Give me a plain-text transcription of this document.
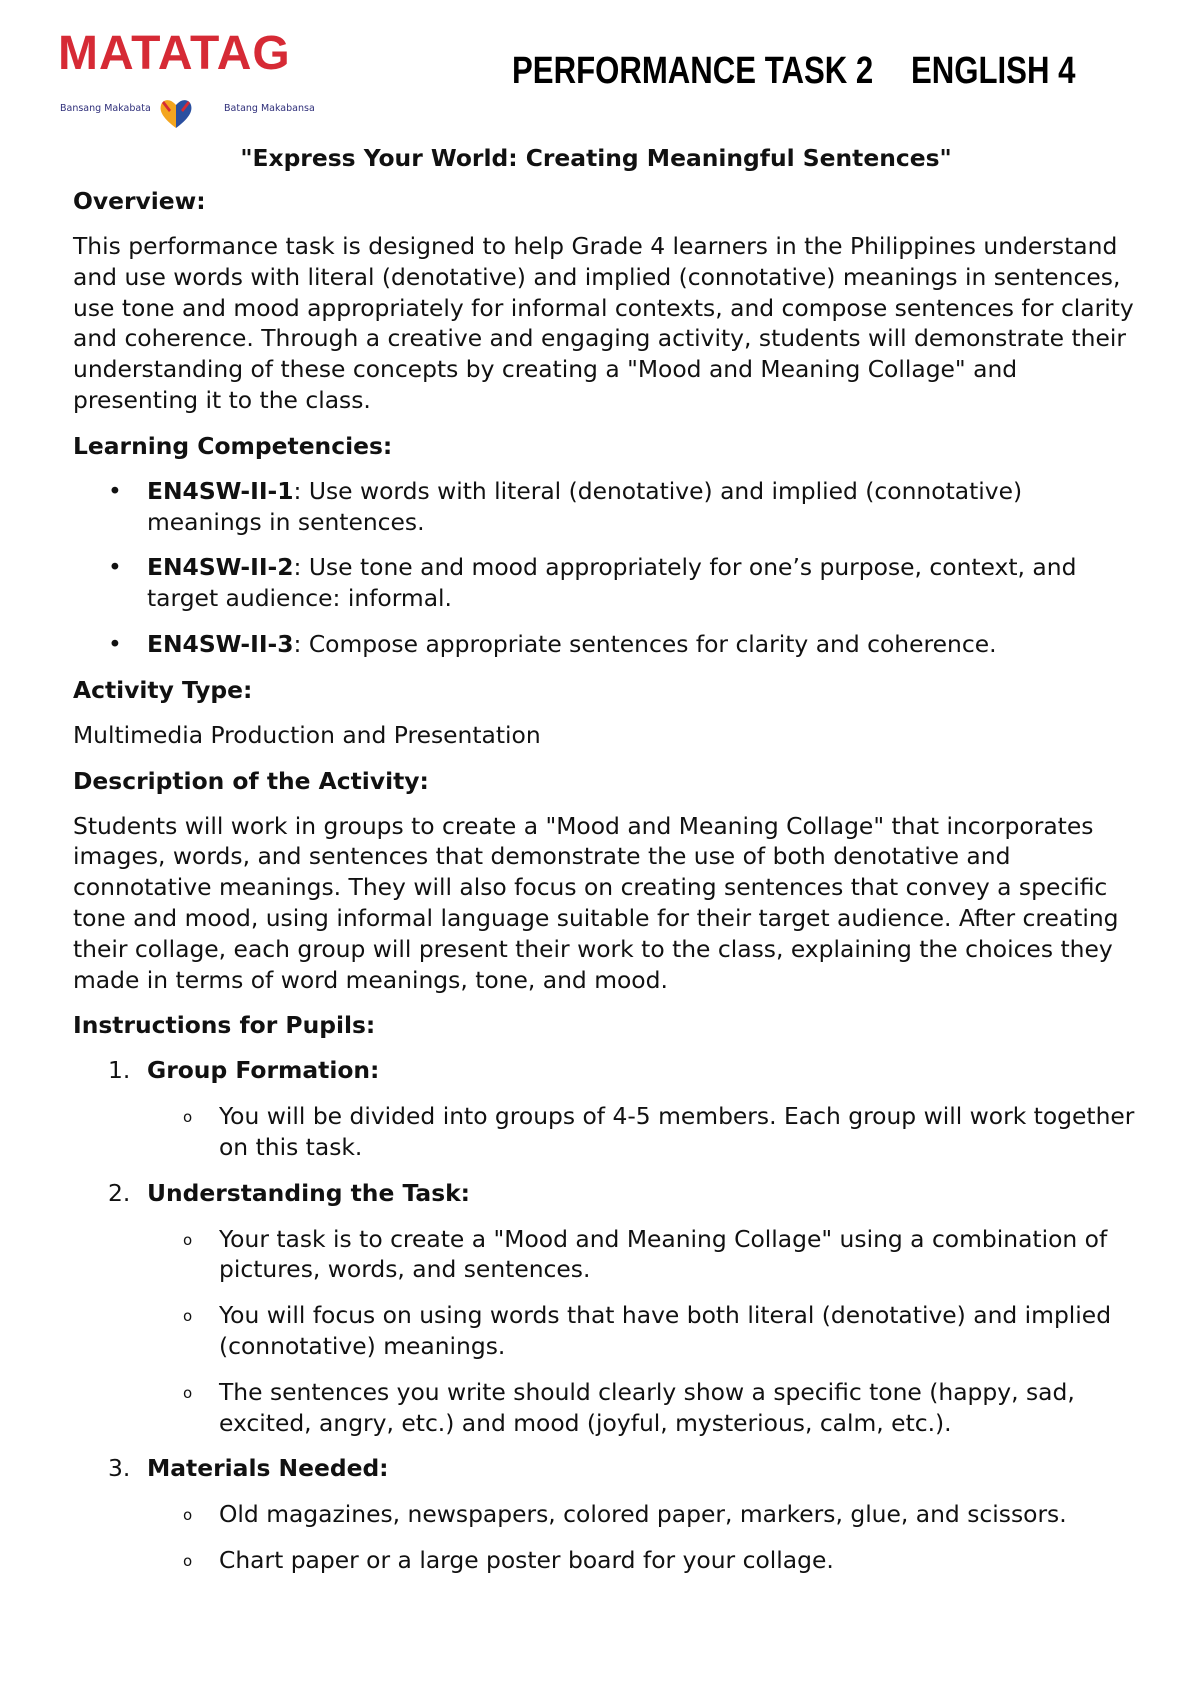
MATATAG
Bansang Makabata	Batang Makabansa
PERFORMANCE TASK 2 ENGLISH 4

"Express Your World: Creating Meaningful Sentences"

Overview:

This performance task is designed to help Grade 4 learners in the Philippines understand and use words with literal (denotative) and implied (connotative) meanings in sentences, use tone and mood appropriately for informal contexts, and compose sentences for clarity and coherence. Through a creative and engaging activity, students will demonstrate their understanding of these concepts by creating a "Mood and Meaning Collage" and presenting it to the class.

Learning Competencies:

• EN4SW-II-1: Use words with literal (denotative) and implied (connotative) meanings in sentences.
• EN4SW-II-2: Use tone and mood appropriately for one’s purpose, context, and target audience: informal.
• EN4SW-II-3: Compose appropriate sentences for clarity and coherence.

Activity Type:

Multimedia Production and Presentation

Description of the Activity:

Students will work in groups to create a "Mood and Meaning Collage" that incorporates images, words, and sentences that demonstrate the use of both denotative and connotative meanings. They will also focus on creating sentences that convey a specific tone and mood, using informal language suitable for their target audience. After creating their collage, each group will present their work to the class, explaining the choices they made in terms of word meanings, tone, and mood.

Instructions for Pupils:

1. Group Formation:
o You will be divided into groups of 4-5 members. Each group will work together on this task.
2. Understanding the Task:
o Your task is to create a "Mood and Meaning Collage" using a combination of pictures, words, and sentences.
o You will focus on using words that have both literal (denotative) and implied (connotative) meanings.
o The sentences you write should clearly show a specific tone (happy, sad, excited, angry, etc.) and mood (joyful, mysterious, calm, etc.).
3. Materials Needed:
o Old magazines, newspapers, colored paper, markers, glue, and scissors.
o Chart paper or a large poster board for your collage.
